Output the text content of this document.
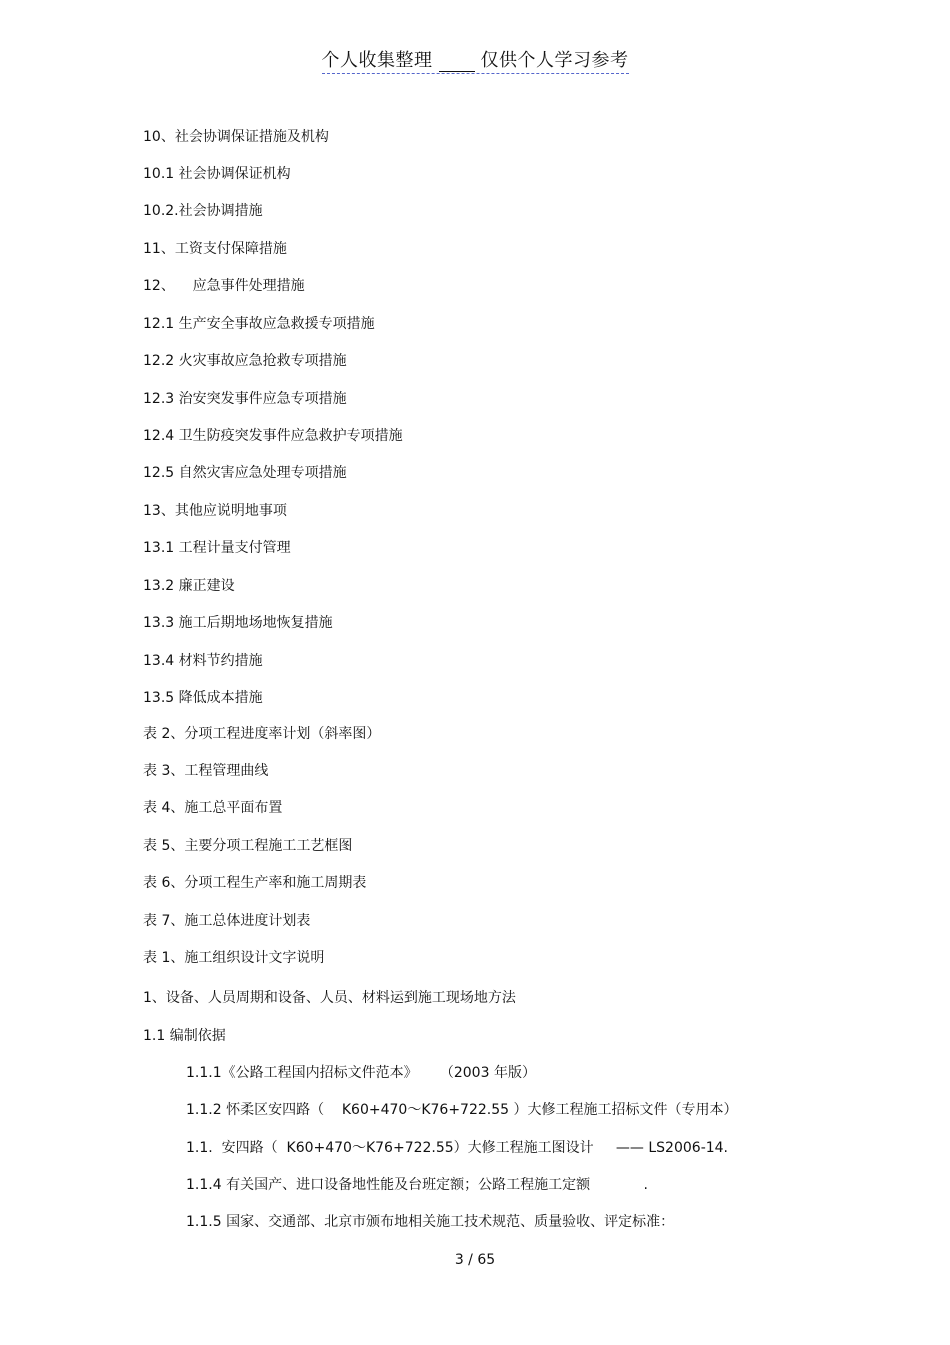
个人收集整理	仅供个人学习参考
10、社会协调保证措施及机构
10.1 社会协调保证机构
10.2.社会协调措施
11、工资支付保障措施
12、    应急事件处理措施
12.1 生产安全事故应急救援专项措施
12.2 火灾事故应急抢救专项措施
12.3 治安突发事件应急专项措施
12.4 卫生防疫突发事件应急救护专项措施
12.5 自然灾害应急处理专项措施
13、其他应说明地事项
13.1 工程计量支付管理
13.2 廉正建设
13.3 施工后期地场地恢复措施
13.4 材料节约措施
13.5 降低成本措施
表 2、分项工程进度率计划（斜率图）
表 3、工程管理曲线
表 4、施工总平面布置
表 5、主要分项工程施工工艺框图
表 6、分项工程生产率和施工周期表
表 7、施工总体进度计划表
表 1、施工组织设计文字说明
1、设备、人员周期和设备、人员、材料运到施工现场地方法
1.1 编制依据
1.1.1《公路工程国内招标文件范本》     （2003 年版）
1.1.2 怀柔区安四路（    K60+470～K76+722.55 ）大修工程施工招标文件（专用本）
1.1.  安四路（  K60+470～K76+722.55）大修工程施工图设计     —— LS2006-14.
1.1.4 有关国产、进口设备地性能及台班定额；公路工程施工定额            .
1.1.5 国家、交通部、北京市颁布地相关施工技术规范、质量验收、评定标准：
3 / 65
